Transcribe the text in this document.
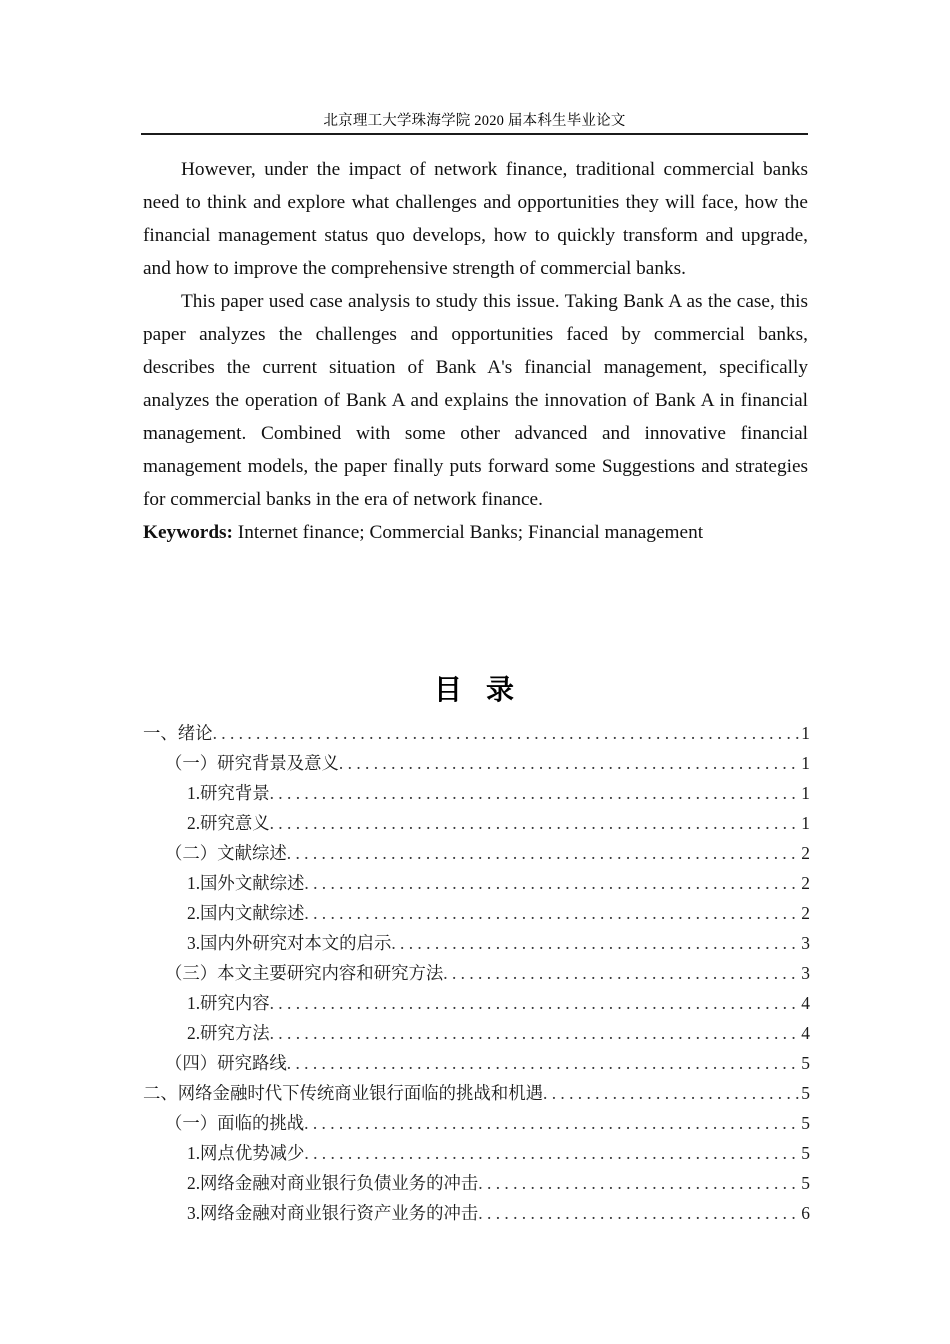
北京理工大学珠海学院 2020 届本科生毕业论文

However, under the impact of network finance, traditional commercial banks need to think and explore what challenges and opportunities they will face, how the financial management status quo develops, how to quickly transform and upgrade, and how to improve the comprehensive strength of commercial banks.

This paper used case analysis to study this issue. Taking Bank A as the case, this paper analyzes the challenges and opportunities faced by commercial banks, describes the current situation of Bank A's financial management, specifically analyzes the operation of Bank A and explains the innovation of Bank A in financial management. Combined with some other advanced and innovative financial management models, the paper finally puts forward some Suggestions and strategies for commercial banks in the era of network finance.

Keywords: Internet finance; Commercial Banks; Financial management

目 录
一、绪论 . . .	1
（一）研究背景及意义 . . .	1
1.研究背景 . . .	1
2.研究意义 . . .	1
（二）文献综述 . . .	2
1.国外文献综述 . . .	2
2.国内文献综述 . . .	2
3.国内外研究对本文的启示 . . .	3
（三）本文主要研究内容和研究方法 . . .	3
1.研究内容 . . .	4
2.研究方法 . . .	4
（四）研究路线 . . .	5
二、网络金融时代下传统商业银行面临的挑战和机遇 . . .	5
（一）面临的挑战 . . .	5
1.网点优势减少 . . .	5
2.网络金融对商业银行负债业务的冲击 . . .	5
3.网络金融对商业银行资产业务的冲击 . . .	6
